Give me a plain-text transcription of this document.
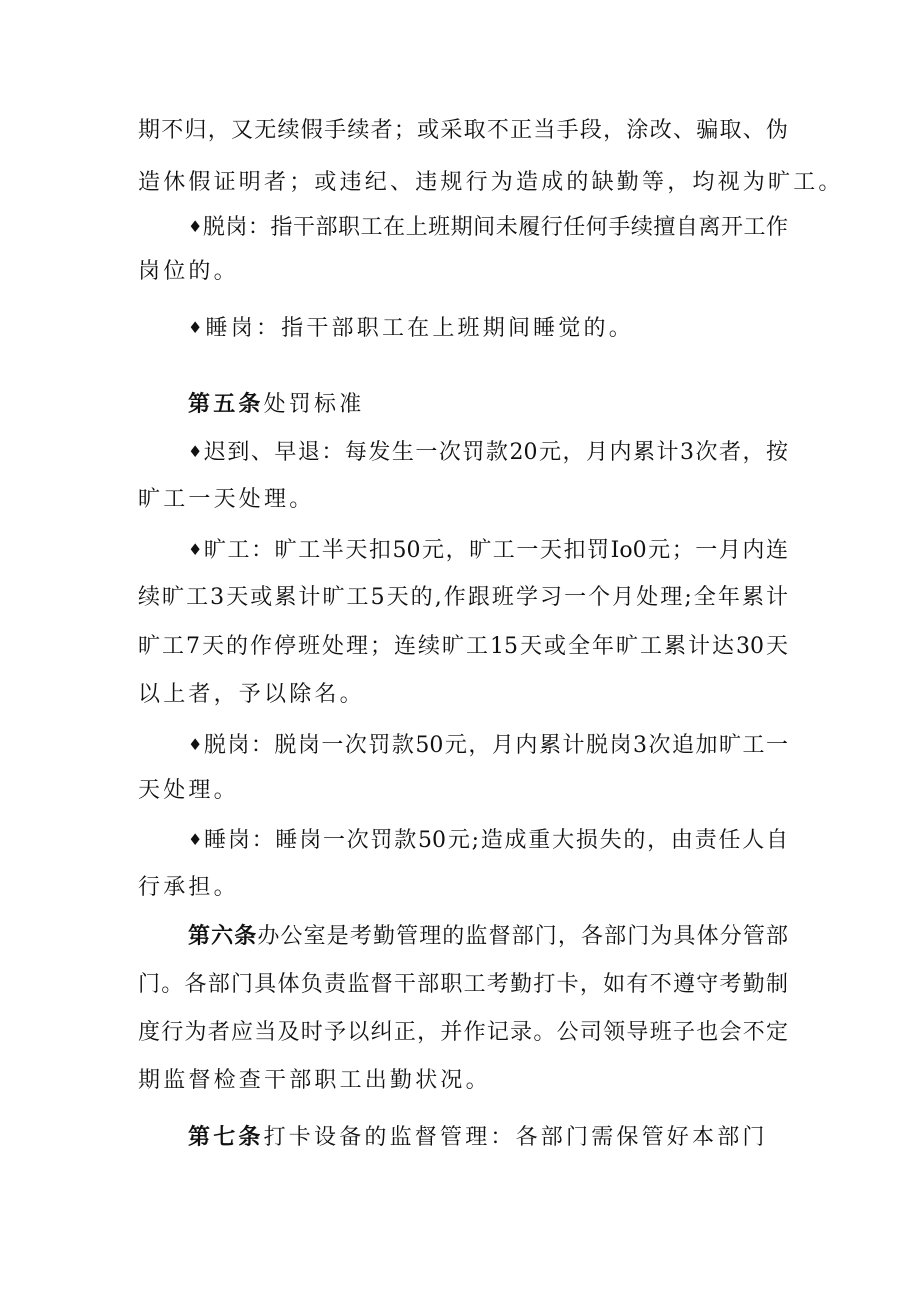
期不归，又无续假手续者；或采取不正当手段，涂改、骗取、伪
造休假证明者；或违纪、违规行为造成的缺勤等，均视为旷工。
♦脱岗：指干部职工在上班期间未履行任何手续擅自离开工作
岗位的。
♦睡岗：指干部职工在上班期间睡觉的。
第五条处罚标准
♦迟到、早退：每发生一次罚款20元，月内累计3次者，按
旷工一天处理。
♦旷工：旷工半天扣50元，旷工一天扣罚Io0元；一月内连
续旷工3天或累计旷工5天的,作跟班学习一个月处理;全年累计
旷工7天的作停班处理；连续旷工15天或全年旷工累计达30天
以上者，予以除名。
♦脱岗：脱岗一次罚款50元，月内累计脱岗3次追加旷工一
天处理。
♦睡岗：睡岗一次罚款50元;造成重大损失的，由责任人自
行承担。
第六条办公室是考勤管理的监督部门，各部门为具体分管部
门。各部门具体负责监督干部职工考勤打卡，如有不遵守考勤制
度行为者应当及时予以纠正，并作记录。公司领导班子也会不定
期监督检查干部职工出勤状况。
第七条打卡设备的监督管理：各部门需保管好本部门
